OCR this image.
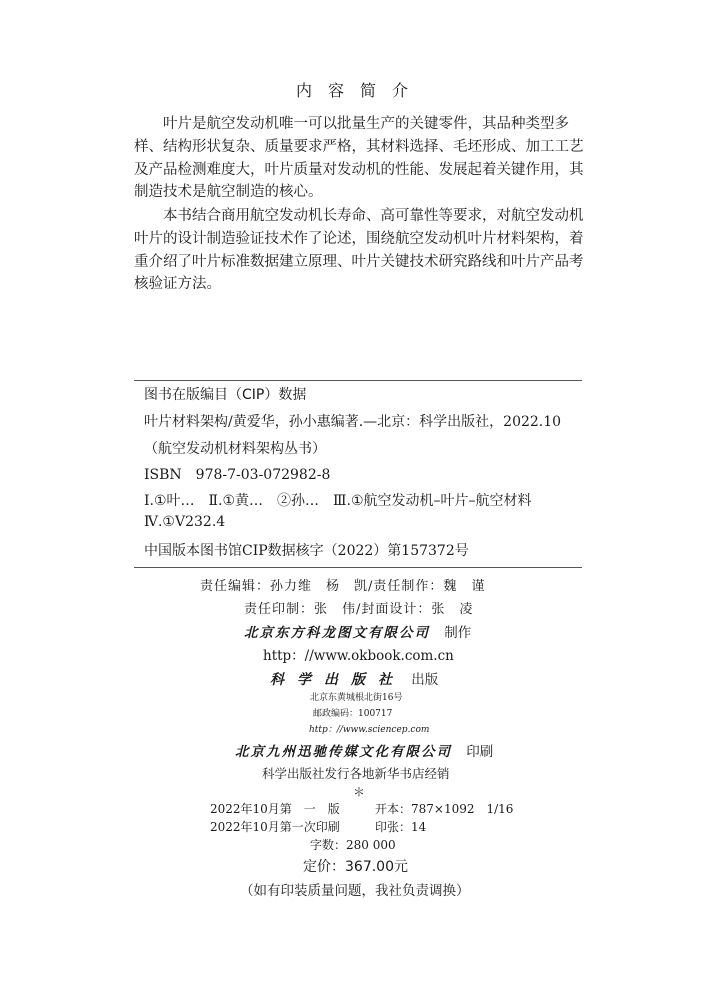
内容简介
叶片是航空发动机唯一可以批量生产的关键零件，其品种类型多
样、结构形状复杂、质量要求严格，其材料选择、毛坯形成、加工工艺
及产品检测难度大，叶片质量对发动机的性能、发展起着关键作用，其
制造技术是航空制造的核心。
本书结合商用航空发动机长寿命、高可靠性等要求，对航空发动机
叶片的设计制造验证技术作了论述，围绕航空发动机叶片材料架构，着
重介绍了叶片标准数据建立原理、叶片关键技术研究路线和叶片产品考
核验证方法。
图书在版编目（CIP）数据
叶片材料架构/黄爱华，孙小惠编著.—北京：科学出版社，2022.10
（航空发动机材料架构丛书）
ISBN　978-7-03-072982-8
Ⅰ.①叶…　Ⅱ.①黄…　②孙…　Ⅲ.①航空发动机–叶片–航空材料
Ⅳ.①V232.4
中国版本图书馆CIP数据核字（2022）第157372号
责任编辑：孙力维　杨　凯/责任制作：魏　谨
责任印制：张　伟/封面设计：张　凌
北京东方科龙图文有限公司 制作
http：//www.okbook.com.cn
科学出版社 出版
北京东黄城根北街16号
邮政编码：100717
http：//www.sciencep.com
北京九州迅驰传媒文化有限公司 印刷
科学出版社发行各地新华书店经销
＊
2022年10月第　一　版	开本：787×1092　1/16
2022年10月第一次印刷	印张：14
字数：280 000
定价：367.00元
（如有印装质量问题，我社负责调换）
